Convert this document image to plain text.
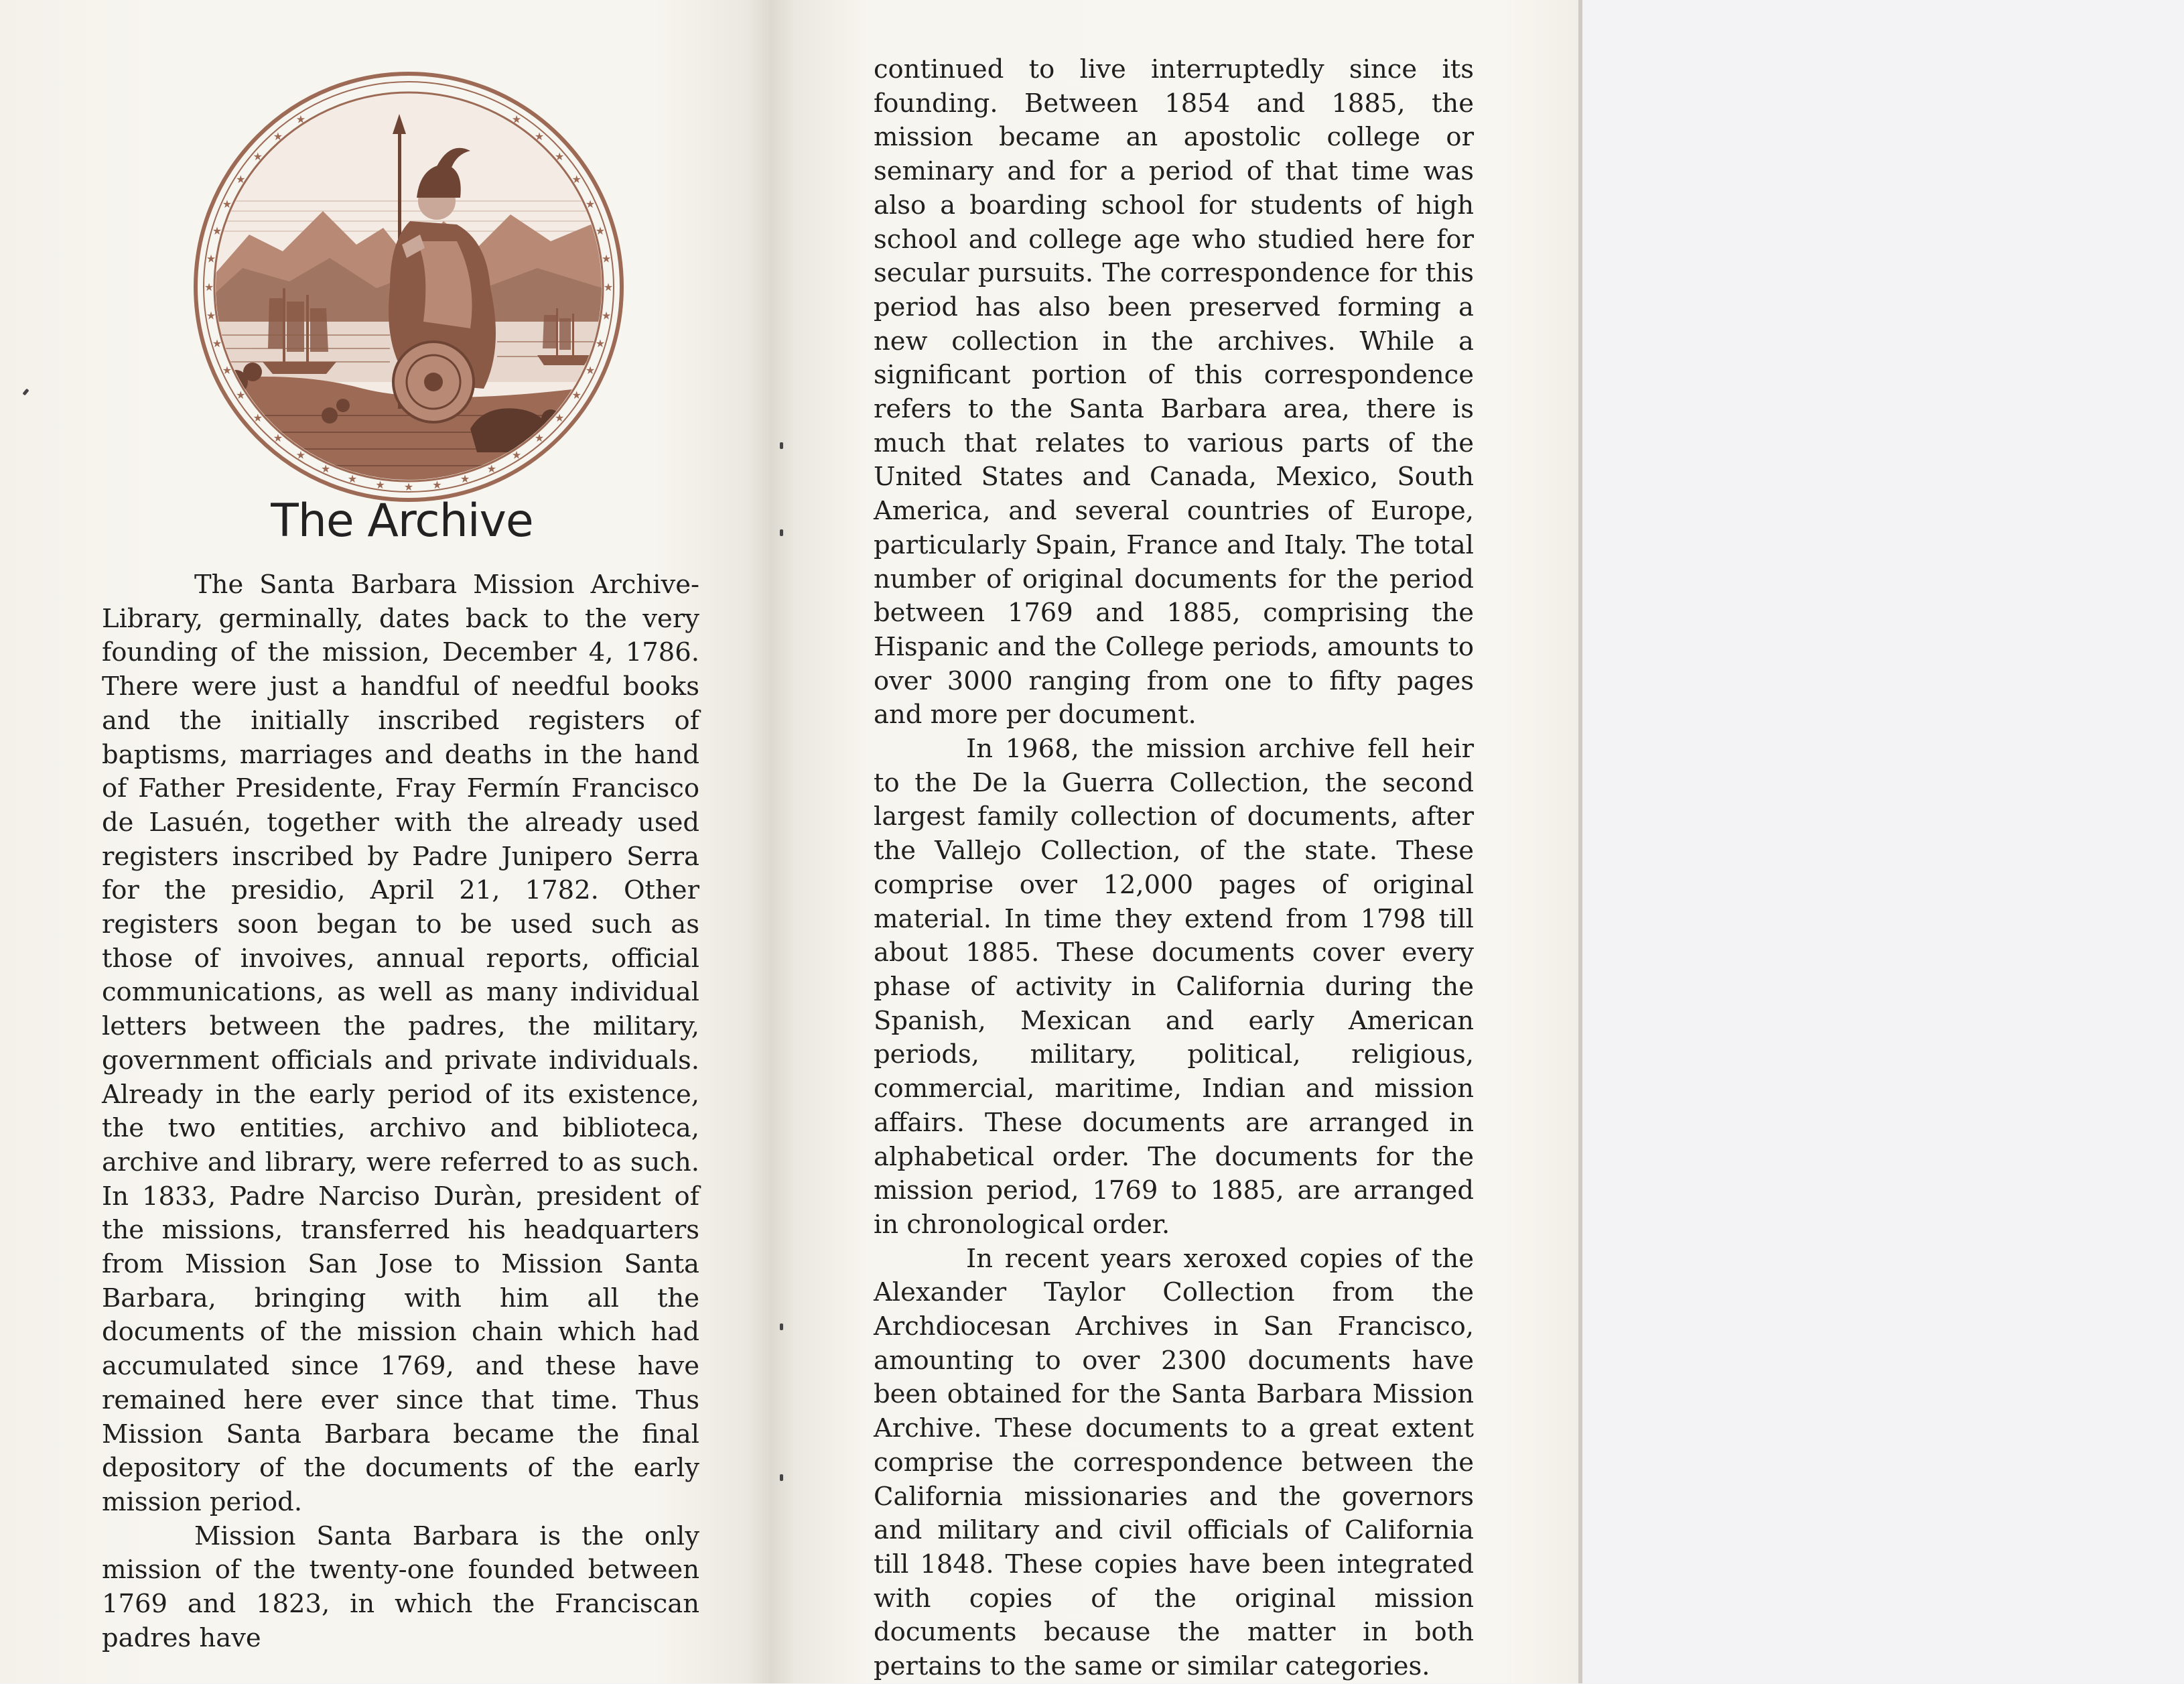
★
★
★
★
★
★
★
★
★
★
★
★
★
★
★
★
★
★
★
★
★
★
★
★
★
★
★
★
★
★
★
★
★
★
★
★
★
The Archive

The Santa Barbara Mission Archive-Library, germinally, dates back to the very founding of the mission, December 4, 1786. There were just a handful of needful books and the initially inscribed registers of baptisms, marriages and deaths in the hand of Father Presidente, Fray Fermín Francisco de Lasuén, together with the already used registers inscribed by Padre Junipero Serra for the presidio, April 21, 1782. Other registers soon began to be used such as those of invoives, annual reports, official communications, as well as many individual letters between the padres, the military, government officials and private individuals. Already in the early period of its existence, the two entities, archivo and biblioteca, archive and library, were referred to as such. In 1833, Padre Narciso Duràn, president of the missions, transferred his headquarters from Mission San Jose to Mission Santa Barbara, bringing with him all the documents of the mission chain which had accumulated since 1769, and these have remained here ever since that time. Thus Mission Santa Barbara became the final depository of the documents of the early mission period.

Mission Santa Barbara is the only mission of the twenty-one founded between 1769 and 1823, in which the Franciscan padres have

continued to live interruptedly since its founding. Between 1854 and 1885, the mission became an apostolic college or seminary and for a period of that time was also a boarding school for students of high school and college age who studied here for secular pursuits. The correspondence for this period has also been preserved forming a new collection in the archives. While a significant portion of this correspondence refers to the Santa Barbara area, there is much that relates to various parts of the United States and Canada, Mexico, South America, and several countries of Europe, particularly Spain, France and Italy. The total number of original documents for the period between 1769 and 1885, comprising the Hispanic and the College periods, amounts to over 3000 ranging from one to fifty pages and more per document.

In 1968, the mission archive fell heir to the De la Guerra Collection, the second largest family collection of documents, after the Vallejo Collection, of the state. These comprise over 12,000 pages of original material. In time they extend from 1798 till about 1885. These documents cover every phase of activity in California during the Spanish, Mexican and early American periods, military, political, religious, commercial, maritime, Indian and mission affairs. These documents are arranged in alphabetical order. The documents for the mission period, 1769 to 1885, are arranged in chronological order.

In recent years xeroxed copies of the Alexander Taylor Collection from the Archdiocesan Archives in San Francisco, amounting to over 2300 documents have been obtained for the Santa Barbara Mission Archive. These documents to a great extent comprise the correspondence between the California missionaries and the governors and military and civil officials of California till 1848. These copies have been integrated with copies of the original mission documents because the matter in both pertains to the same or similar categories.
